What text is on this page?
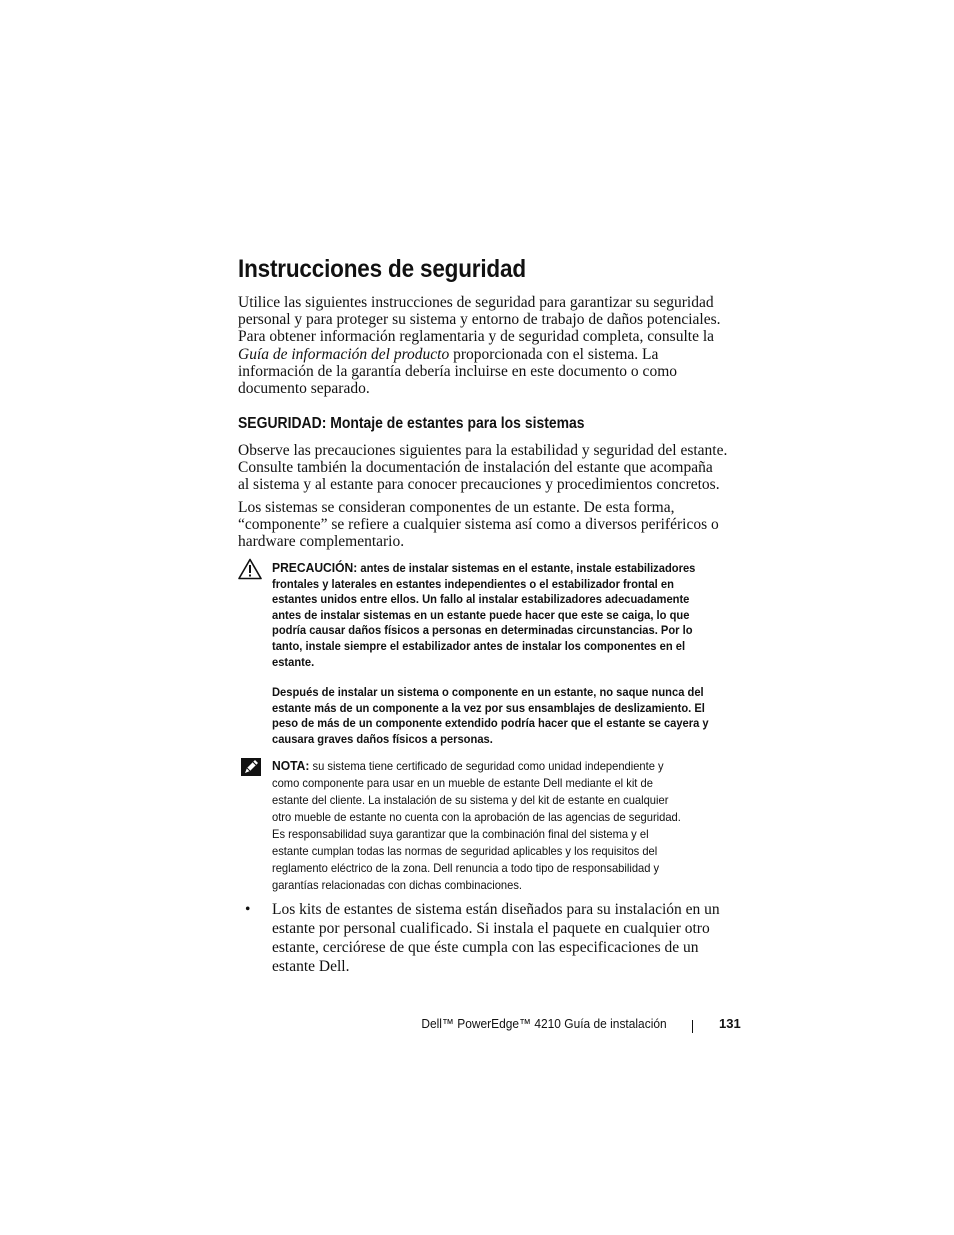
Instrucciones de seguridad
Utilice las siguientes instrucciones de seguridad para garantizar su seguridad
personal y para proteger su sistema y entorno de trabajo de daños potenciales.
Para obtener información reglamentaria y de seguridad completa, consulte la
Guía de información del producto proporcionada con el sistema. La
información de la garantía debería incluirse en este documento o como
documento separado.
SEGURIDAD: Montaje de estantes para los sistemas
Observe las precauciones siguientes para la estabilidad y seguridad del estante.
Consulte también la documentación de instalación del estante que acompaña
al sistema y al estante para conocer precauciones y procedimientos concretos.
Los sistemas se consideran componentes de un estante. De esta forma,
“componente” se refiere a cualquier sistema así como a diversos periféricos o
hardware complementario.
PRECAUCIÓN: antes de instalar sistemas en el estante, instale estabilizadores
frontales y laterales en estantes independientes o el estabilizador frontal en
estantes unidos entre ellos. Un fallo al instalar estabilizadores adecuadamente
antes de instalar sistemas en un estante puede hacer que este se caiga, lo que
podría causar daños físicos a personas en determinadas circunstancias. Por lo
tanto, instale siempre el estabilizador antes de instalar los componentes en el
estante.
Después de instalar un sistema o componente en un estante, no saque nunca del
estante más de un componente a la vez por sus ensamblajes de deslizamiento. El
peso de más de un componente extendido podría hacer que el estante se cayera y
causara graves daños físicos a personas.
NOTA: su sistema tiene certificado de seguridad como unidad independiente y
como componente para usar en un mueble de estante Dell mediante el kit de
estante del cliente. La instalación de su sistema y del kit de estante en cualquier
otro mueble de estante no cuenta con la aprobación de las agencias de seguridad.
Es responsabilidad suya garantizar que la combinación final del sistema y el
estante cumplan todas las normas de seguridad aplicables y los requisitos del
reglamento eléctrico de la zona. Dell renuncia a todo tipo de responsabilidad y
garantías relacionadas con dichas combinaciones.
• Los kits de estantes de sistema están diseñados para su instalación en un
estante por personal cualificado. Si instala el paquete en cualquier otro
estante, cerciórese de que éste cumpla con las especificaciones de un
estante Dell.
Dell™ PowerEdge™ 4210 Guía de instalación	131
